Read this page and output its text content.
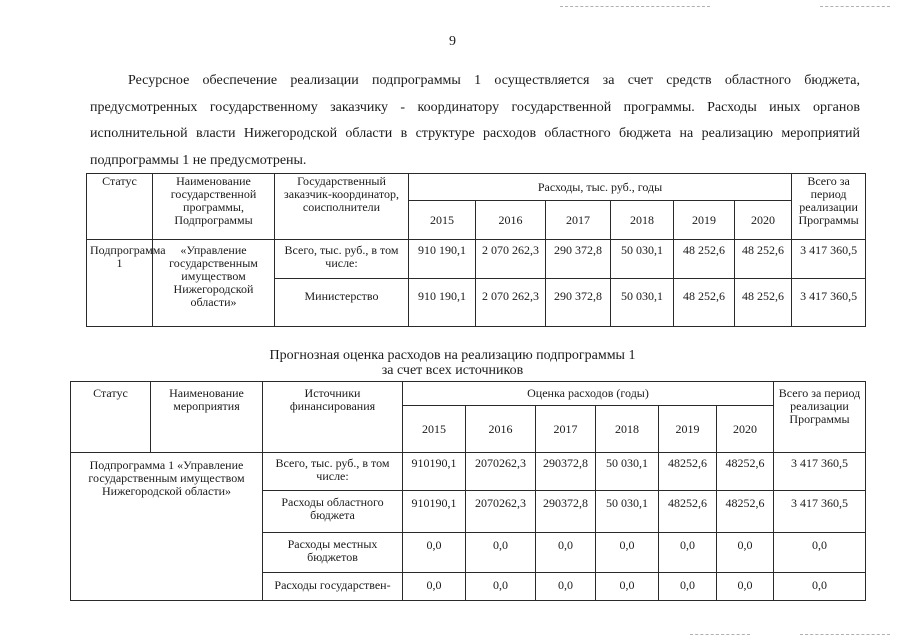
9

Ресурсное обеспечение реализации подпрограммы 1 осуществляется за счет средств областного бюджета, предусмотренных государственному заказчику - координатору государственной программы. Расходы иных органов исполнительной власти Нижегородской области в структуре расходов областного бюджета на реализацию мероприятий подпрограммы 1 не предусмотрены.

Статус	Наименование государственной программы, Подпрограммы	Государственный заказчик-координатор, соисполнители	Расходы, тыс. руб., годы						Всего за период реализации Программы
			2015	2016	2017	2018	2019	2020	
Подпрограмма 1	«Управление государственным имуществом Нижегородской области»	Всего, тыс. руб., в том числе:	910 190,1	2 070 262,3	290 372,8	50 030,1	48 252,6	48 252,6	3 417 360,5
		Министерство	910 190,1	2 070 262,3	290 372,8	50 030,1	48 252,6	48 252,6	3 417 360,5
Прогнозная оценка расходов на реализацию подпрограммы 1
за счет всех источников
Статус	Наименование мероприятия	Источники финансирования	Оценка расходов (годы)						Всего за период реализации Программы
			2015	2016	2017	2018	2019	2020	
Подпрограмма 1 «Управление государственным имуществом Нижегородской области»		Всего, тыс. руб., в том числе:	910190,1	2070262,3	290372,8	50 030,1	48252,6	48252,6	3 417 360,5
		Расходы областного бюджета	910190,1	2070262,3	290372,8	50 030,1	48252,6	48252,6	3 417 360,5
		Расходы местных бюджетов	0,0	0,0	0,0	0,0	0,0	0,0	0,0
		Расходы государствен-	0,0	0,0	0,0	0,0	0,0	0,0	0,0
